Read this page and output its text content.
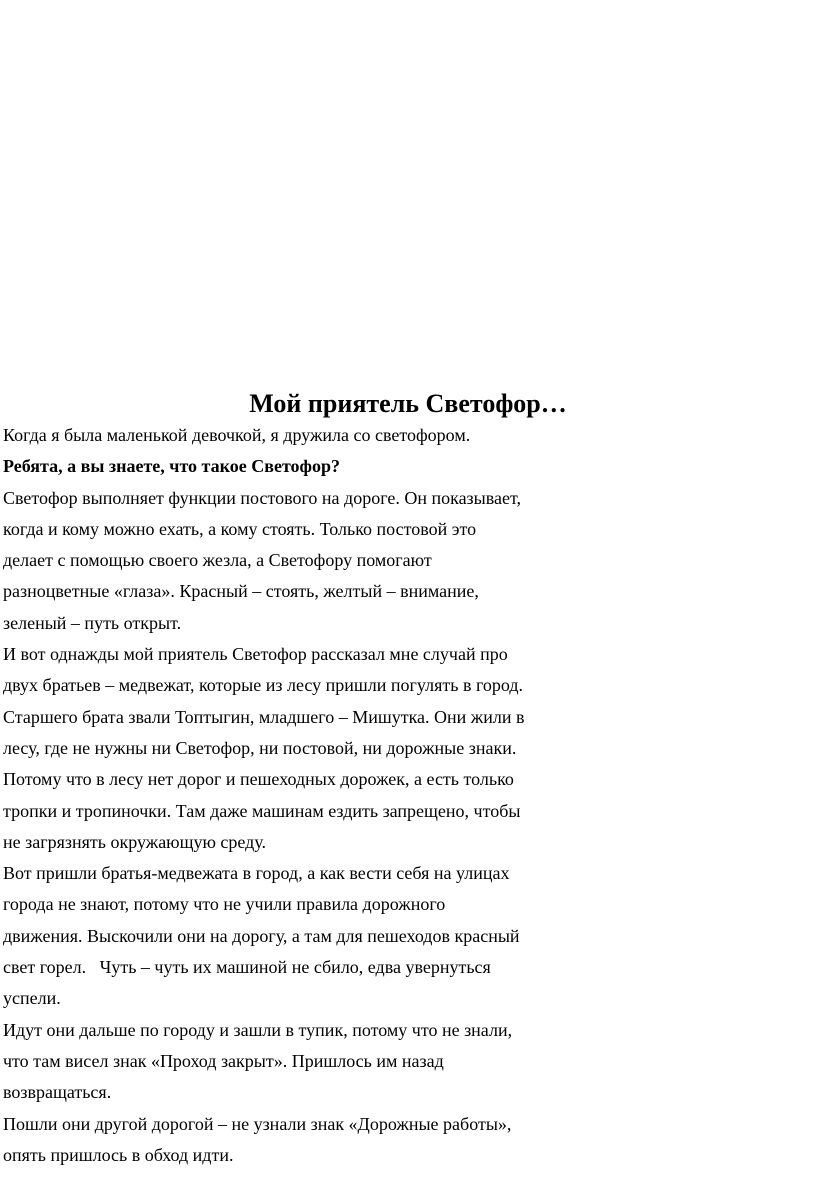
Мой приятель Светофор…
Когда я была маленькой девочкой, я дружила со светофором.
Ребята, а вы знаете, что такое Светофор?
Светофор выполняет функции постового на дороге. Он показывает,
когда и кому можно ехать, а кому стоять. Только постовой это
делает с помощью своего жезла, а Светофору помогают
разноцветные «глаза». Красный – стоять, желтый – внимание,
зеленый – путь открыт.
И вот однажды мой приятель Светофор рассказал мне случай про
двух братьев – медвежат, которые из лесу пришли погулять в город.
Старшего брата звали Топтыгин, младшего – Мишутка. Они жили в
лесу, где не нужны ни Светофор, ни постовой, ни дорожные знаки.
Потому что в лесу нет дорог и пешеходных дорожек, а есть только
тропки и тропиночки. Там даже машинам ездить запрещено, чтобы
не загрязнять окружающую среду.
Вот пришли братья-медвежата в город, а как вести себя на улицах
города не знают, потому что не учили правила дорожного
движения. Выскочили они на дорогу, а там для пешеходов красный
свет горел.   Чуть – чуть их машиной не сбило, едва увернуться
успели.
Идут они дальше по городу и зашли в тупик, потому что не знали,
что там висел знак «Проход закрыт». Пришлось им назад
возвращаться.
Пошли они другой дорогой – не узнали знак «Дорожные работы»,
опять пришлось в обход идти.
